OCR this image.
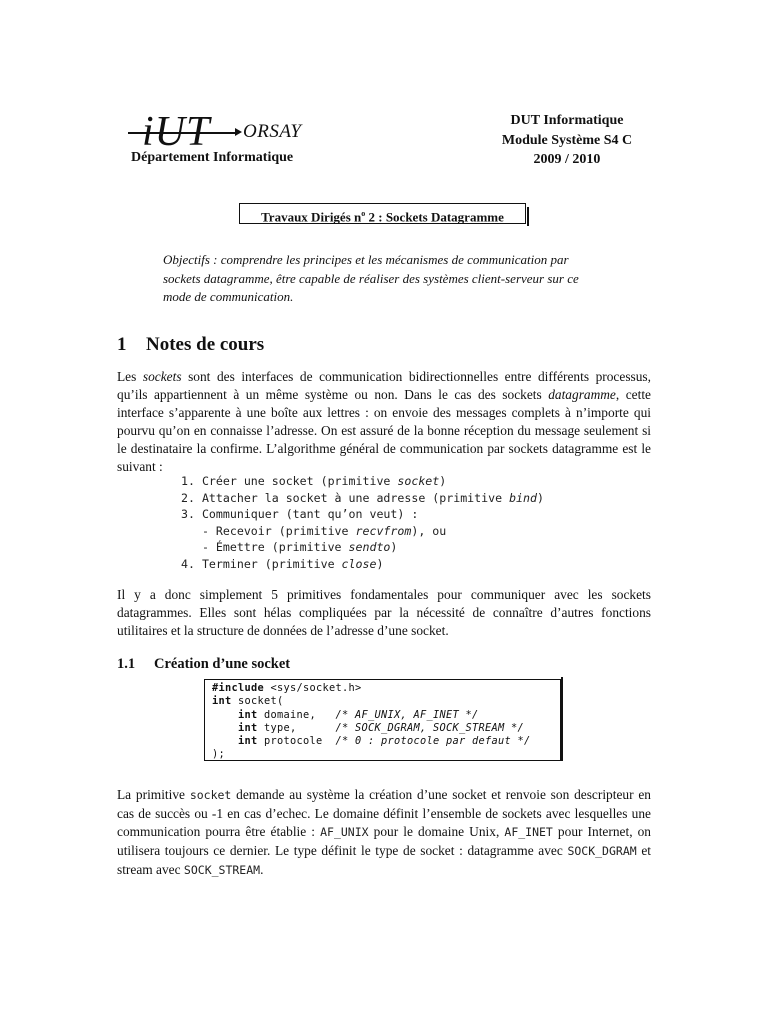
iUT ORSAY
Département Informatique
DUT Informatique
Module Système S4 C
2009 / 2010
Travaux Dirigés $n^o$ 2 : Sockets Datagramme
Objectifs : comprendre les principes et les mécanismes de communication par sockets datagramme, être capable de réaliser des systèmes client-serveur sur ce mode de communication.
1 Notes de cours
Les sockets sont des interfaces de communication bidirectionnelles entre différents processus, qu’ils appartiennent à un même système ou non. Dans le cas des sockets datagramme, cette interface s’apparente à une boîte aux lettres : on envoie des messages complets à n’importe qui pourvu qu’on en connaisse l’adresse. On est assuré de la bonne réception du message seulement si le destinataire la confirme. L’algorithme général de communication par sockets datagramme est le suivant :
1. Créer une socket (primitive socket)
2. Attacher la socket à une adresse (primitive bind)
3. Communiquer (tant qu’on veut) :
- Recevoir (primitive recvfrom), ou
- Émettre (primitive sendto)
4. Terminer (primitive close)
Il y a donc simplement 5 primitives fondamentales pour communiquer avec les sockets datagrammes. Elles sont hélas compliquées par la nécessité de connaître d’autres fonctions utilitaires et la structure de données de l’adresse d’une socket.
1.1 Création d’une socket
#include <sys/socket.h>
int socket(
int domaine,   /* AF_UNIX, AF_INET */
int type,      /* SOCK_DGRAM, SOCK_STREAM */
int protocole  /* 0 : protocole par defaut */
);
La primitive socket demande au système la création d’une socket et renvoie son descripteur en cas de succès ou -1 en cas d’echec. Le domaine définit l’ensemble de sockets avec lesquelles une communication pourra être établie : AF_UNIX pour le domaine Unix, AF_INET pour Internet, on utilisera toujours ce dernier. Le type définit le type de socket : datagramme avec SOCK_DGRAM et stream avec SOCK_STREAM.
